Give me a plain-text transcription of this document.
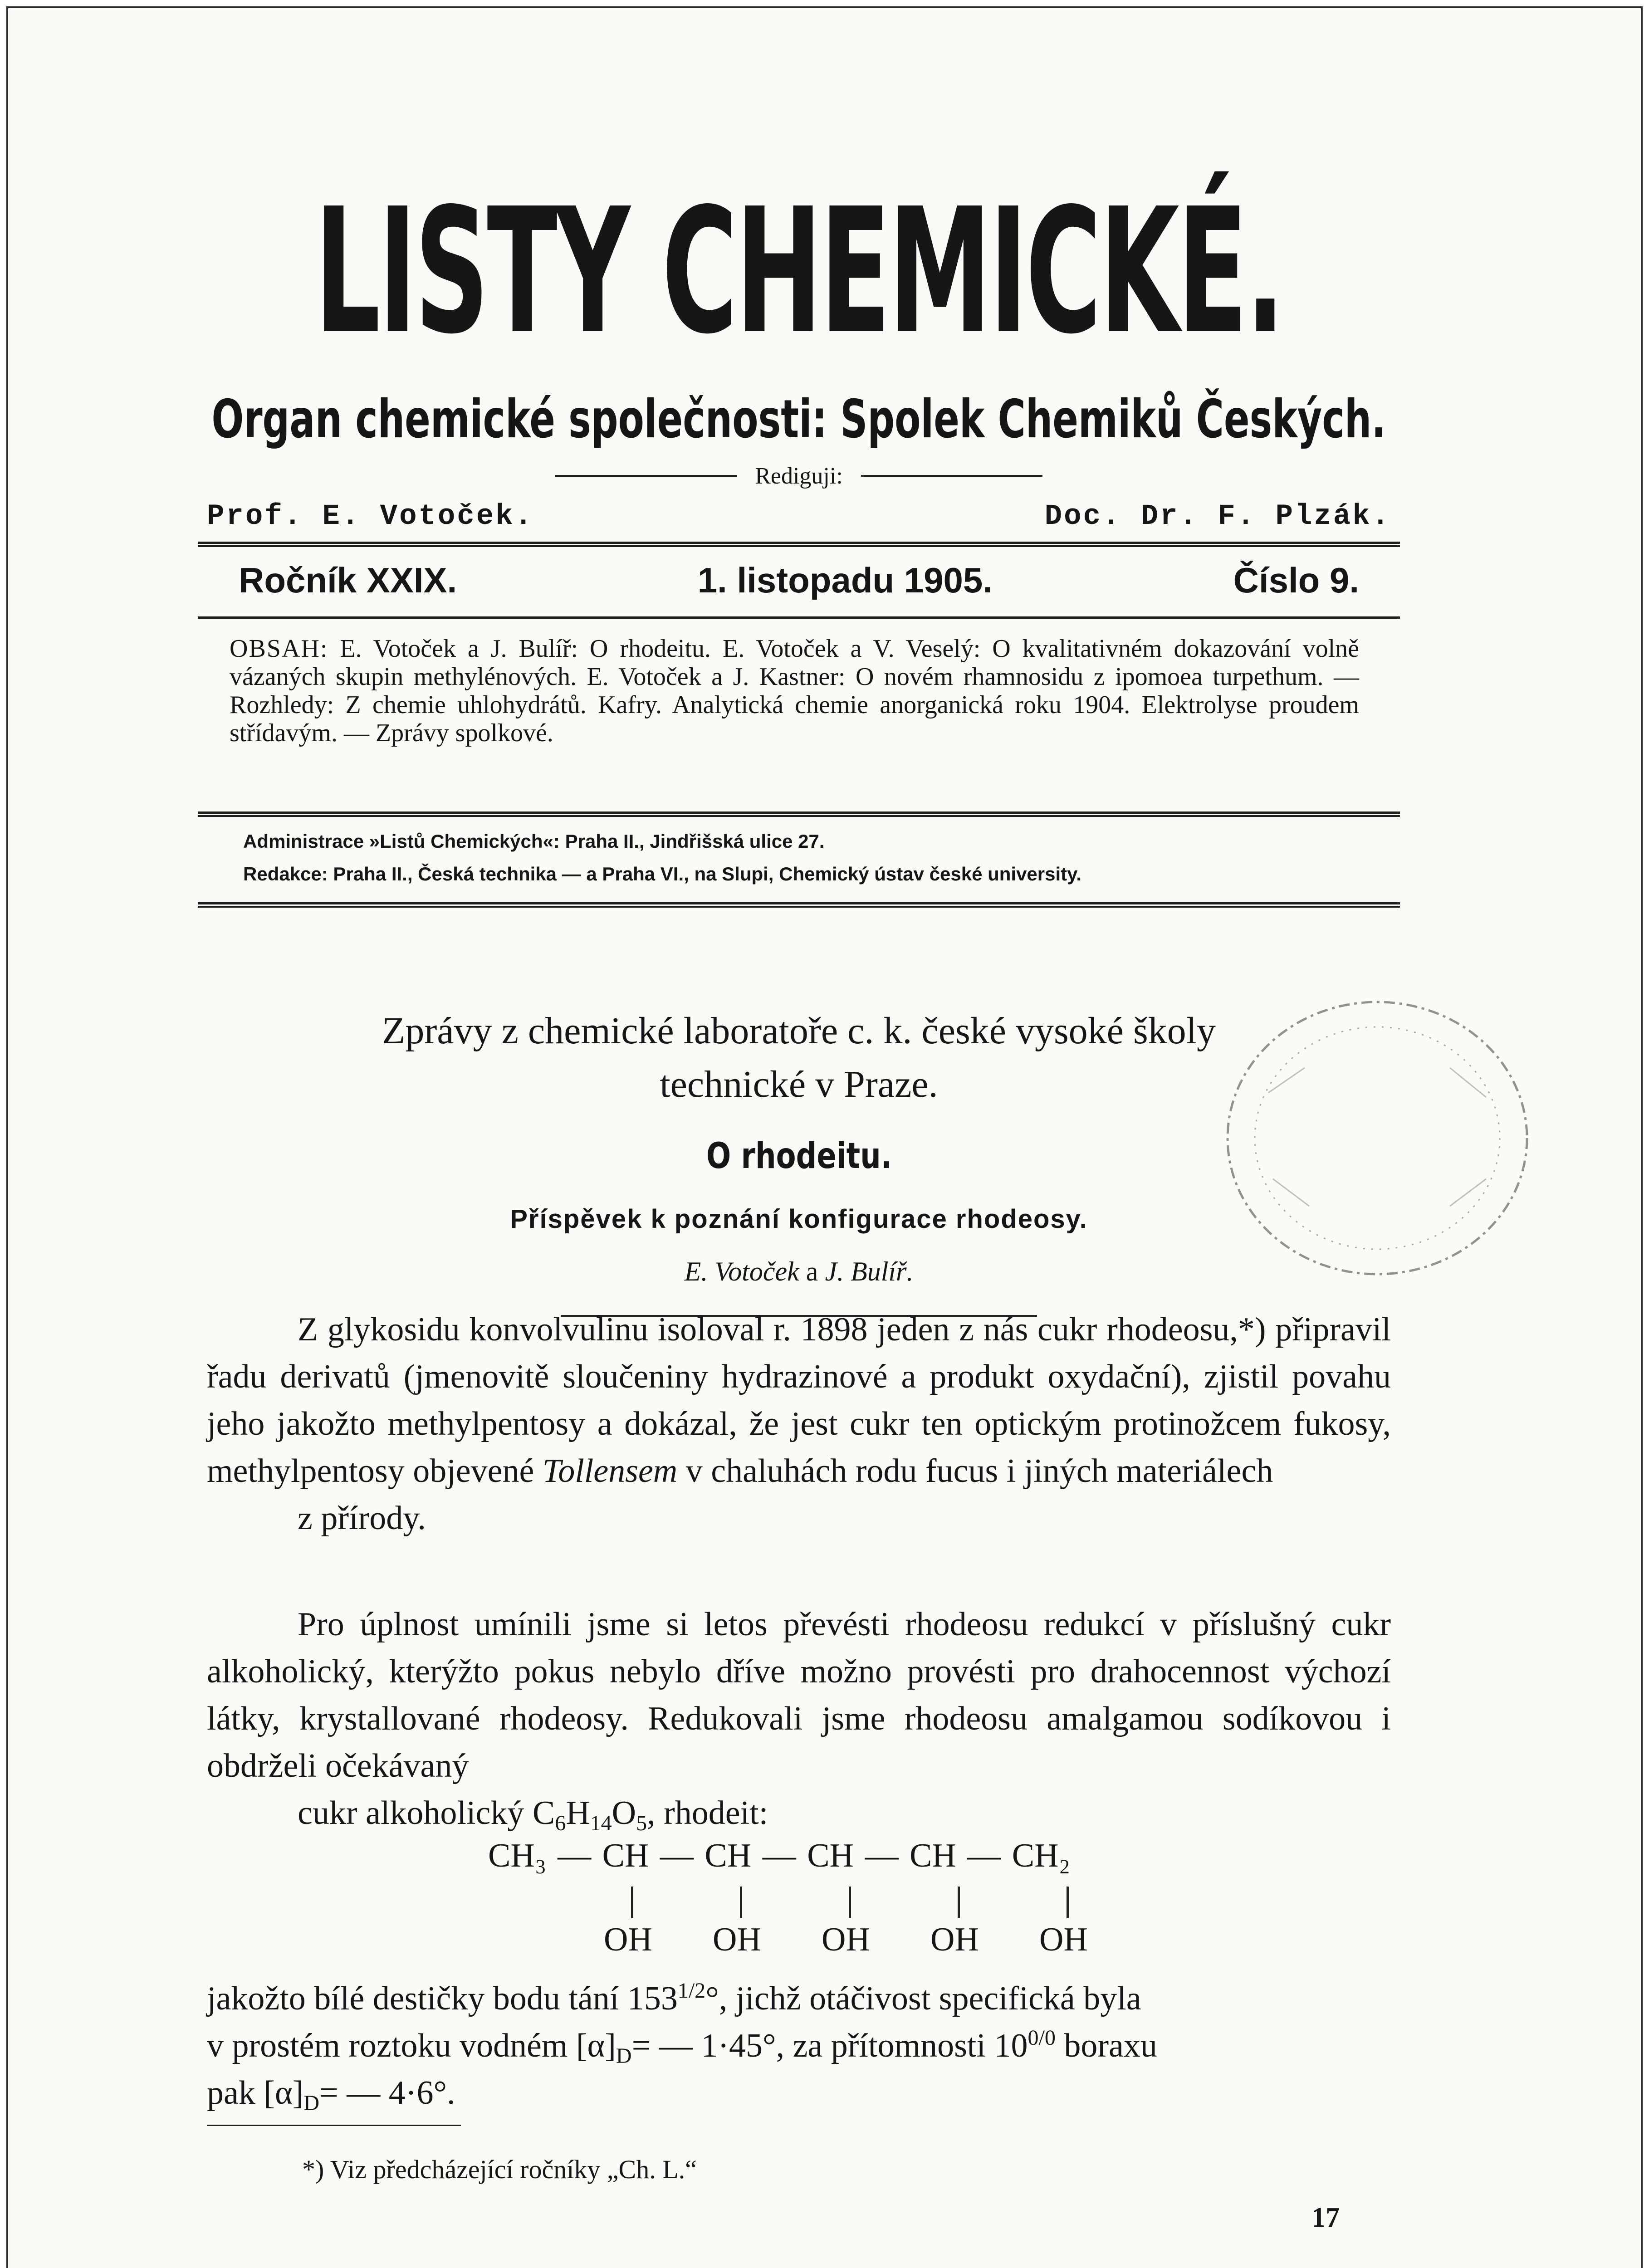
LISTY CHEMICKÉ.
Organ chemické společnosti: Spolek Chemiků Českých.
Rediguji:
Prof. E. Votoček.	Doc. Dr. F. Plzák.
Ročník XXIX.	1. listopadu 1905.	Číslo 9.
OBSAH: E. Votoček a J. Bulíř: O rhodeitu. E. Votoček a V. Veselý: O kvalitativném dokazování volně vázaných skupin methylénových. E. Votoček a J. Kastner: O novém rhamnosidu z ipomoea turpethum. — Rozhledy: Z chemie uhlohydrátů. Kafry. Analytická chemie anorganická roku 1904. Elektrolyse proudem střídavým. — Zprávy spolkové.
Administrace »Listů Chemických«: Praha II., Jindřišská ulice 27.
Redakce: Praha II., Česká technika — a Praha VI., na Slupi, Chemický ústav české university.
Zprávy z chemické laboratoře c. k. české vysoké školy
technické v Praze.
O rhodeitu.
Příspěvek k poznání konfigurace rhodeosy.
E. Votoček a J. Bulíř.
Z glykosidu konvolvulinu isoloval r. 1898 jeden z nás cukr rhodeosu,*) připravil řadu derivatů (jmenovitě sloučeniny hydrazinové a produkt oxydační), zjistil povahu jeho jakožto methylpentosy a dokázal, že jest cukr ten optickým protinožcem fukosy, methylpentosy objevené Tollensem v chaluhách rodu fucus i jiných materiálech
z přírody.
Pro úplnost umínili jsme si letos převésti rhodeosu redukcí v příslušný cukr alkoholický, kterýžto pokus nebylo dříve možno provésti pro drahocennost výchozí látky, krystallované rhodeosy. Redukovali jsme rhodeosu amalgamou sodíkovou i obdrželi očekávaný
cukr alkoholický $C_6H_{14}O_5$, rhodeit:
CH₃ — CH — CH — CH — CH — CH₂
OH OH OH OH OH
jakožto bílé destičky bodu tání $153^{1/2}^\circ$, jichž otáčivost specifická byla
v prostém roztoku vodném $[\alpha]_D=$ — 1·45°, za přítomnosti $10^{0/0}$ boraxu
pak $[\alpha]_D=$ — 4·6°.
*) Viz předcházející ročníky „Ch. L.“
17
